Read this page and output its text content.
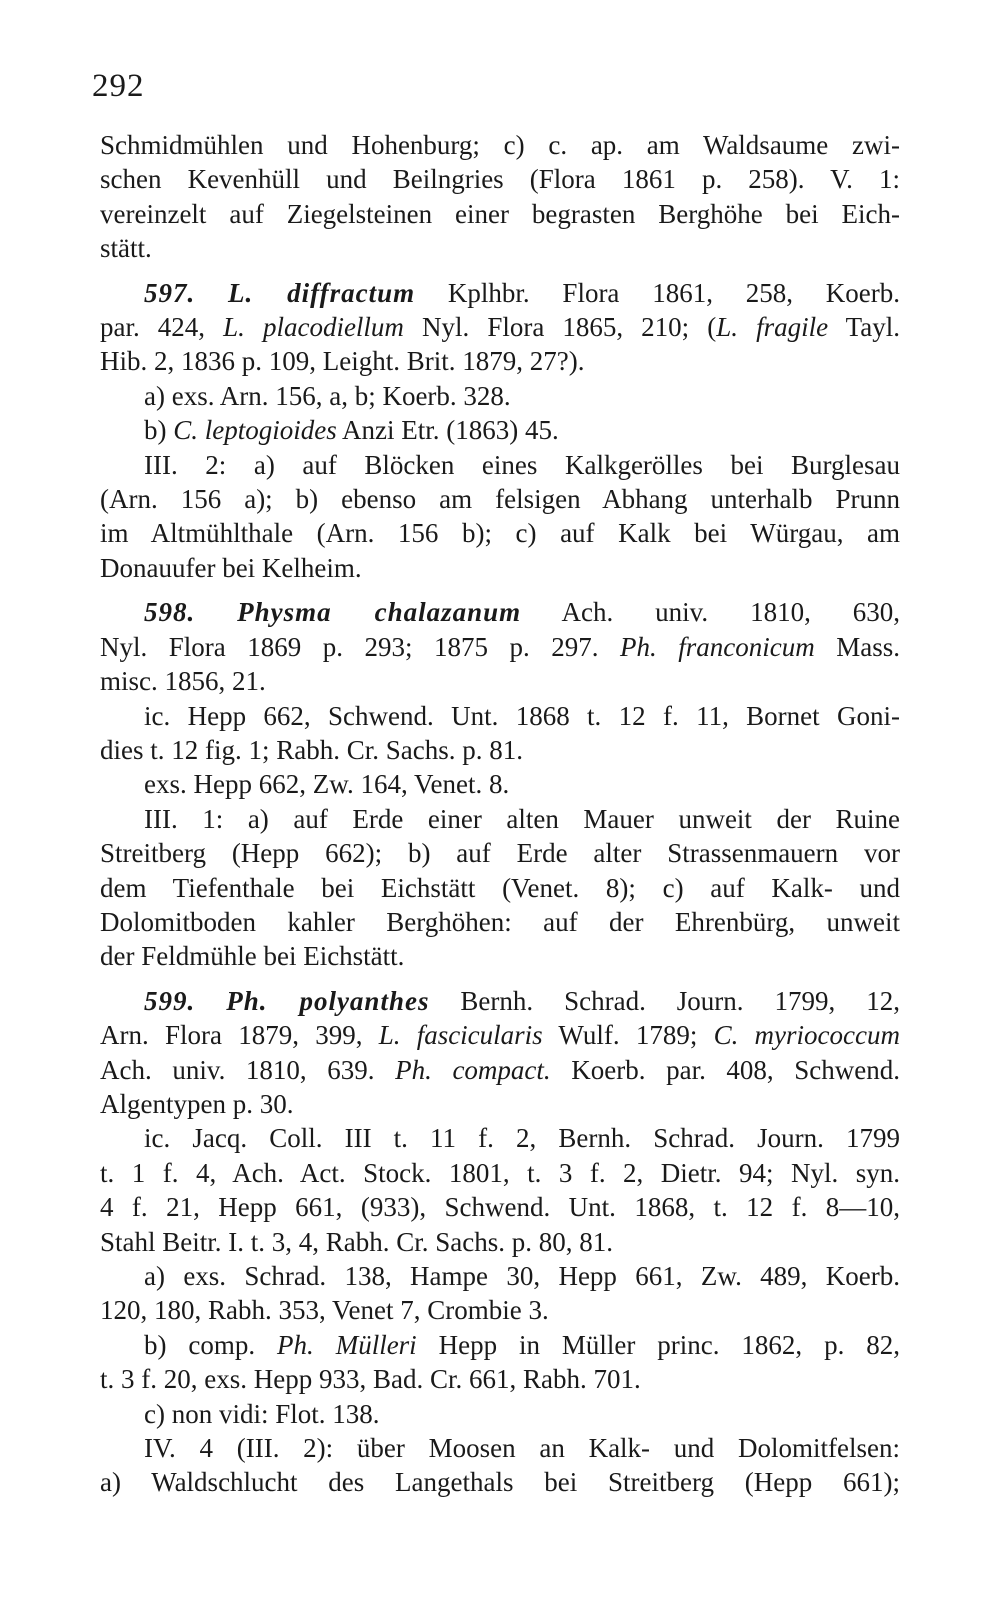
292
Schmidmühlen und Hohenburg; c) c. ap. am Waldsaume zwi-
schen Kevenhüll und Beilngries (Flora 1861 p. 258). V. 1:
vereinzelt auf Ziegelsteinen einer begrasten Berghöhe bei Eich-
stätt.
597. L. diffractum Kplhbr. Flora 1861, 258, Koerb.
par. 424, L. placodiellum Nyl. Flora 1865, 210; (L. fragile Tayl.
Hib. 2, 1836 p. 109, Leight. Brit. 1879, 27?).
a) exs. Arn. 156, a, b; Koerb. 328.
b) C. leptogioides Anzi Etr. (1863) 45.
III. 2: a) auf Blöcken eines Kalkgerölles bei Burglesau
(Arn. 156 a); b) ebenso am felsigen Abhang unterhalb Prunn
im Altmühlthale (Arn. 156 b); c) auf Kalk bei Würgau, am
Donauufer bei Kelheim.
598. Physma chalazanum Ach. univ. 1810, 630,
Nyl. Flora 1869 p. 293; 1875 p. 297. Ph. franconicum Mass.
misc. 1856, 21.
ic. Hepp 662, Schwend. Unt. 1868 t. 12 f. 11, Bornet Goni-
dies t. 12 fig. 1; Rabh. Cr. Sachs. p. 81.
exs. Hepp 662, Zw. 164, Venet. 8.
III. 1: a) auf Erde einer alten Mauer unweit der Ruine
Streitberg (Hepp 662); b) auf Erde alter Strassenmauern vor
dem Tiefenthale bei Eichstätt (Venet. 8); c) auf Kalk- und
Dolomitboden kahler Berghöhen: auf der Ehrenbürg, unweit
der Feldmühle bei Eichstätt.
599. Ph. polyanthes Bernh. Schrad. Journ. 1799, 12,
Arn. Flora 1879, 399, L. fascicularis Wulf. 1789; C. myriococcum
Ach. univ. 1810, 639. Ph. compact. Koerb. par. 408, Schwend.
Algentypen p. 30.
ic. Jacq. Coll. III t. 11 f. 2, Bernh. Schrad. Journ. 1799
t. 1 f. 4, Ach. Act. Stock. 1801, t. 3 f. 2, Dietr. 94; Nyl. syn.
4 f. 21, Hepp 661, (933), Schwend. Unt. 1868, t. 12 f. 8—10,
Stahl Beitr. I. t. 3, 4, Rabh. Cr. Sachs. p. 80, 81.
a) exs. Schrad. 138, Hampe 30, Hepp 661, Zw. 489, Koerb.
120, 180, Rabh. 353, Venet 7, Crombie 3.
b) comp. Ph. Mülleri Hepp in Müller princ. 1862, p. 82,
t. 3 f. 20, exs. Hepp 933, Bad. Cr. 661, Rabh. 701.
c) non vidi: Flot. 138.
IV. 4 (III. 2): über Moosen an Kalk- und Dolomitfelsen:
a) Waldschlucht des Langethals bei Streitberg (Hepp 661);
